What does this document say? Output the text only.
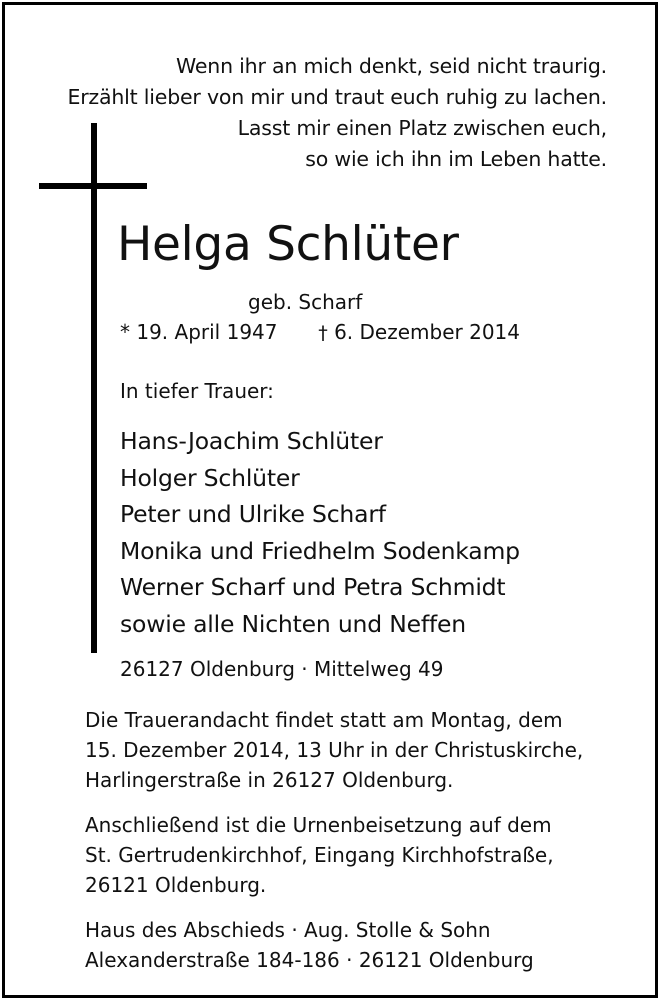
Wenn ihr an mich denkt, seid nicht traurig.
Erzählt lieber von mir und traut euch ruhig zu lachen.
Lasst mir einen Platz zwischen euch,
so wie ich ihn im Leben hatte.
Helga Schlüter
geb. Scharf
* 19. April 1947 † 6. Dezember 2014
In tiefer Trauer:
Hans-Joachim Schlüter
Holger Schlüter
Peter und Ulrike Scharf
Monika und Friedhelm Sodenkamp
Werner Scharf und Petra Schmidt
sowie alle Nichten und Neffen
26127 Oldenburg · Mittelweg 49
Die Trauerandacht findet statt am Montag, dem
15. Dezember 2014, 13 Uhr in der Christuskirche,
Harlingerstraße in 26127 Oldenburg.
Anschließend ist die Urnenbeisetzung auf dem
St. Gertrudenkirchhof, Eingang Kirchhofstraße,
26121 Oldenburg.
Haus des Abschieds · Aug. Stolle & Sohn
Alexanderstraße 184-186 · 26121 Oldenburg
